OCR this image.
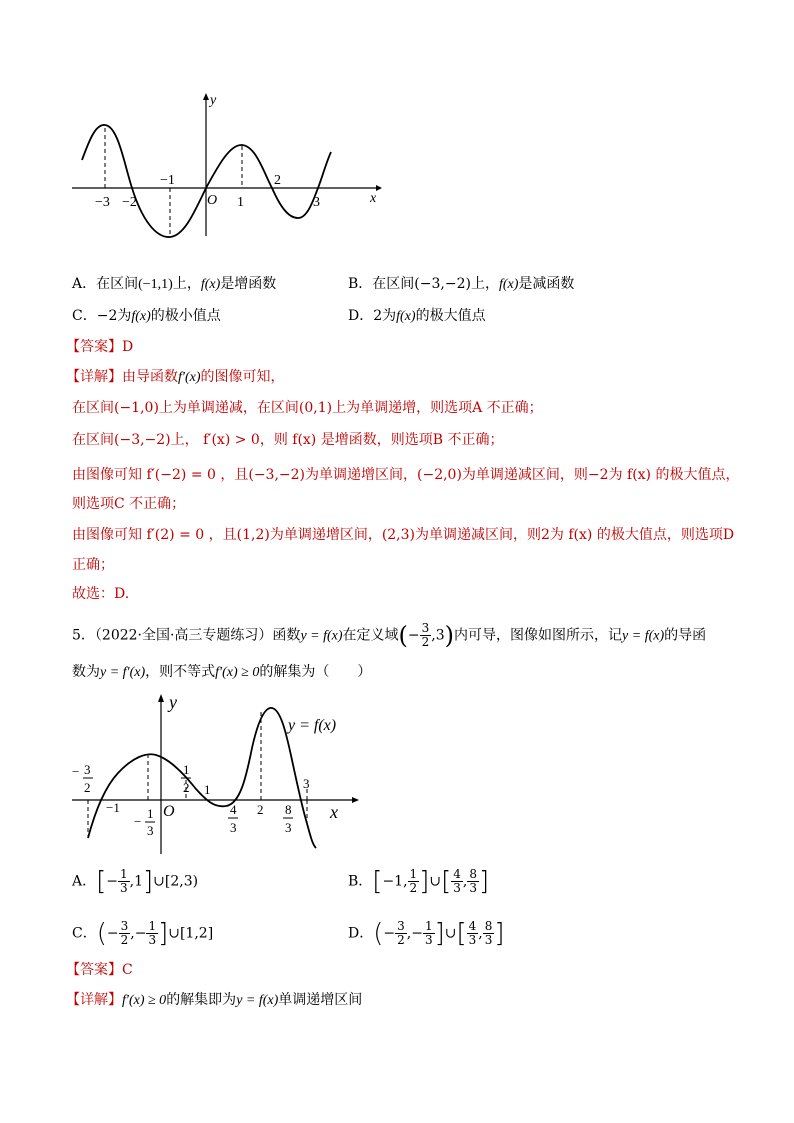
y
x
O
−3 −2
−1
1
2
3
A．在区间(−1,1)上，f(x)是增函数	B．在区间(−3,−2)上，f(x)是减函数
C．−2为f(x)的极小值点	D．2为f(x)的极大值点
【答案】D
【详解】由导函数f′(x)的图像可知，
在区间(−1,0)上为单调递减，在区间(0,1)上为单调递增，则选项A 不正确；
在区间(−3,−2)上， f′(x) > 0，则 f(x) 是增函数，则选项B 不正确；
由图像可知 f′(−2) = 0 ，且(−3,−2)为单调递增区间，(−2,0)为单调递减区间，则−2为 f(x) 的极大值点，
则选项C 不正确；
由图像可知 f′(2) = 0 ，且(1,2)为单调递增区间，(2,3)为单调递减区间，则2为 f(x) 的极大值点，则选项D
正确；
故选：D.
5．（2022·全国·高三专题练习）函数y = f(x)在定义域(− $\frac{3}{2} ,3$)内可导，图像如图所示，记y = f(x)的导函
数为y = f′(x)，则不等式f′(x) ≥ 0的解集为（　　）
y
x
O
y = f(x)
− 3
2
−1
−
1
3
1
2 1
4
3
2 8
3
3
A．[− $\frac{1}{3}$ ,1]∪[2,3)	B．[−1, $\frac{1}{2}$ ]∪[ $\frac{4}{3}$ , $\frac{8}{3}$ ]
C．(− $\frac{3}{2}$ ,− $\frac{1}{3}$ ]∪[1,2]	D．(− $\frac{3}{2}$ ,− $\frac{1}{3}$ ]∪[ $\frac{4}{3}$ , $\frac{8}{3}$ ]
【答案】C
【详解】f′(x) ≥ 0的解集即为y = f(x)单调递增区间
